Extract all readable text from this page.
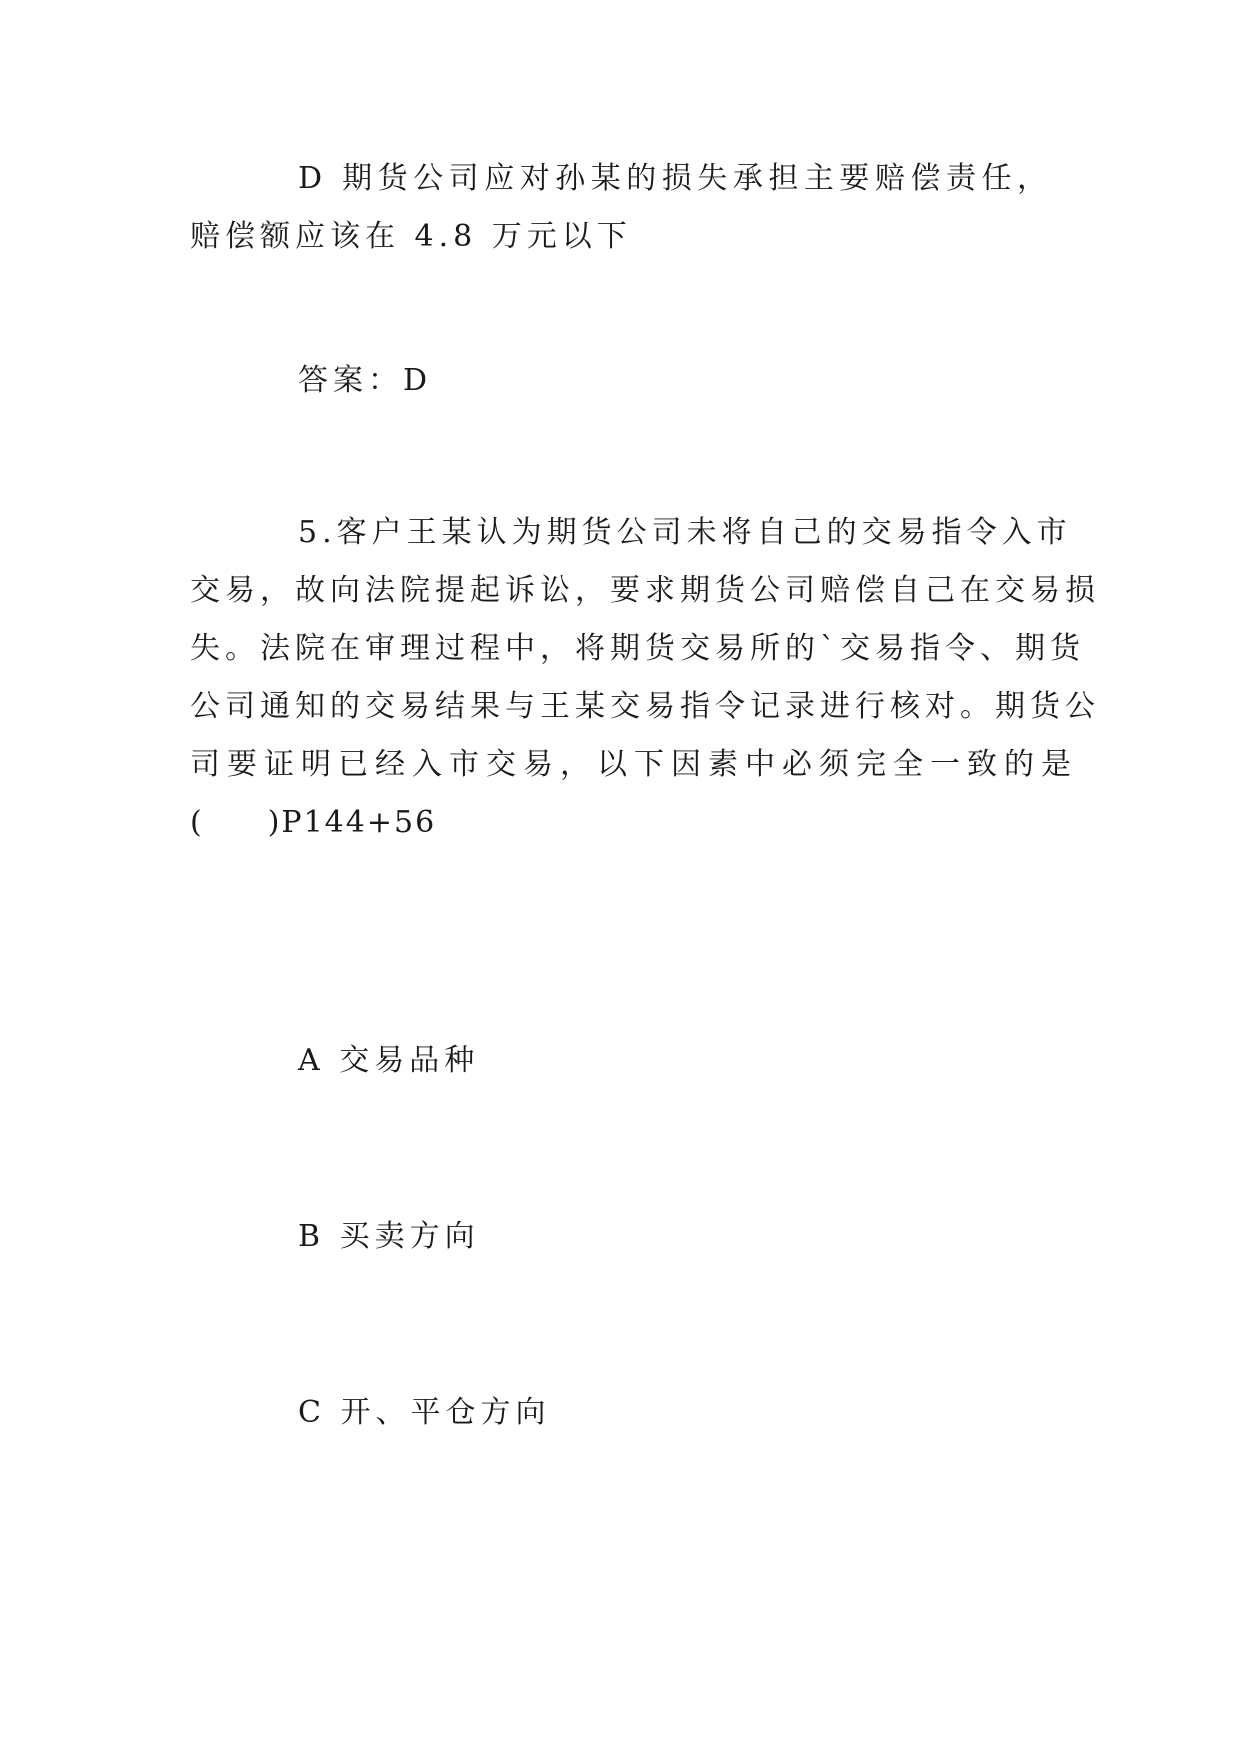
D 期货公司应对孙某的损失承担主要赔偿责任，赔偿额应该在 4.8 万元以下

答案：D

5.客户王某认为期货公司未将自己的交易指令入市
交易，故向法院提起诉讼，要求期货公司赔偿自己在交易损
失。法院在审理过程中，将期货交易所的`交易指令、期货
公司通知的交易结果与王某交易指令记录进行核对。期货公
司要证明已经入市交易，以下因素中必须完全一致的是
(　　)P144+56

A 交易品种

B 买卖方向

C 开、平仓方向
